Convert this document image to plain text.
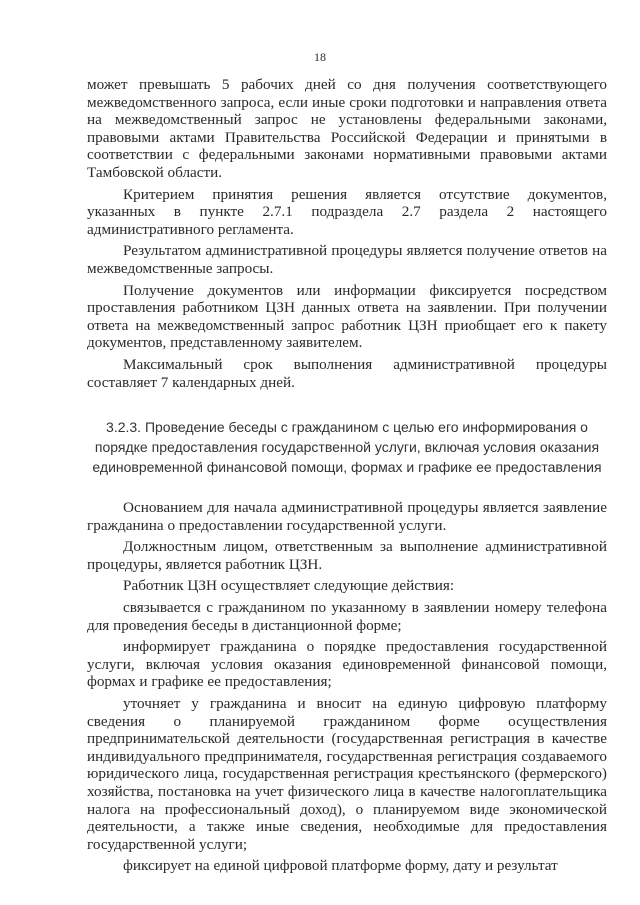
18

может превышать 5 рабочих дней со дня получения соответствующего межведомственного запроса, если иные сроки подготовки и направления ответа на межведомственный запрос не установлены федеральными законами, правовыми актами Правительства Российской Федерации и принятыми в соответствии с федеральными законами нормативными правовыми актами Тамбовской области.

Критерием принятия решения является отсутствие документов, указанных в пункте 2.7.1 подраздела 2.7 раздела 2 настоящего административного регламента.

Результатом административной процедуры является получение ответов на межведомственные запросы.

Получение документов или информации фиксируется посредством проставления работником ЦЗН данных ответа на заявлении. При получении ответа на межведомственный запрос работник ЦЗН приобщает его к пакету документов, представленному заявителем.

Максимальный срок выполнения административной процедуры составляет 7 календарных дней.

3.2.3. Проведение беседы с гражданином с целью его информирования о порядке предоставления государственной услуги, включая условия оказания единовременной финансовой помощи, формах и графике ее предоставления

Основанием для начала административной процедуры является заявление гражданина о предоставлении государственной услуги.

Должностным лицом, ответственным за выполнение административной процедуры, является работник ЦЗН.

Работник ЦЗН осуществляет следующие действия:

связывается с гражданином по указанному в заявлении номеру телефона для проведения беседы в дистанционной форме;

информирует гражданина о порядке предоставления государственной услуги, включая условия оказания единовременной финансовой помощи, формах и графике ее предоставления;

уточняет у гражданина и вносит на единую цифровую платформу сведения о планируемой гражданином форме осуществления предпринимательской деятельности (государственная регистрация в качестве индивидуального предпринимателя, государственная регистрация создаваемого юридического лица, государственная регистрация крестьянского (фермерского) хозяйства, постановка на учет физического лица в качестве налогоплательщика налога на профессиональный доход), о планируемом виде экономической деятельности, а также иные сведения, необходимые для предоставления государственной услуги;

фиксирует на единой цифровой платформе форму, дату и результат
